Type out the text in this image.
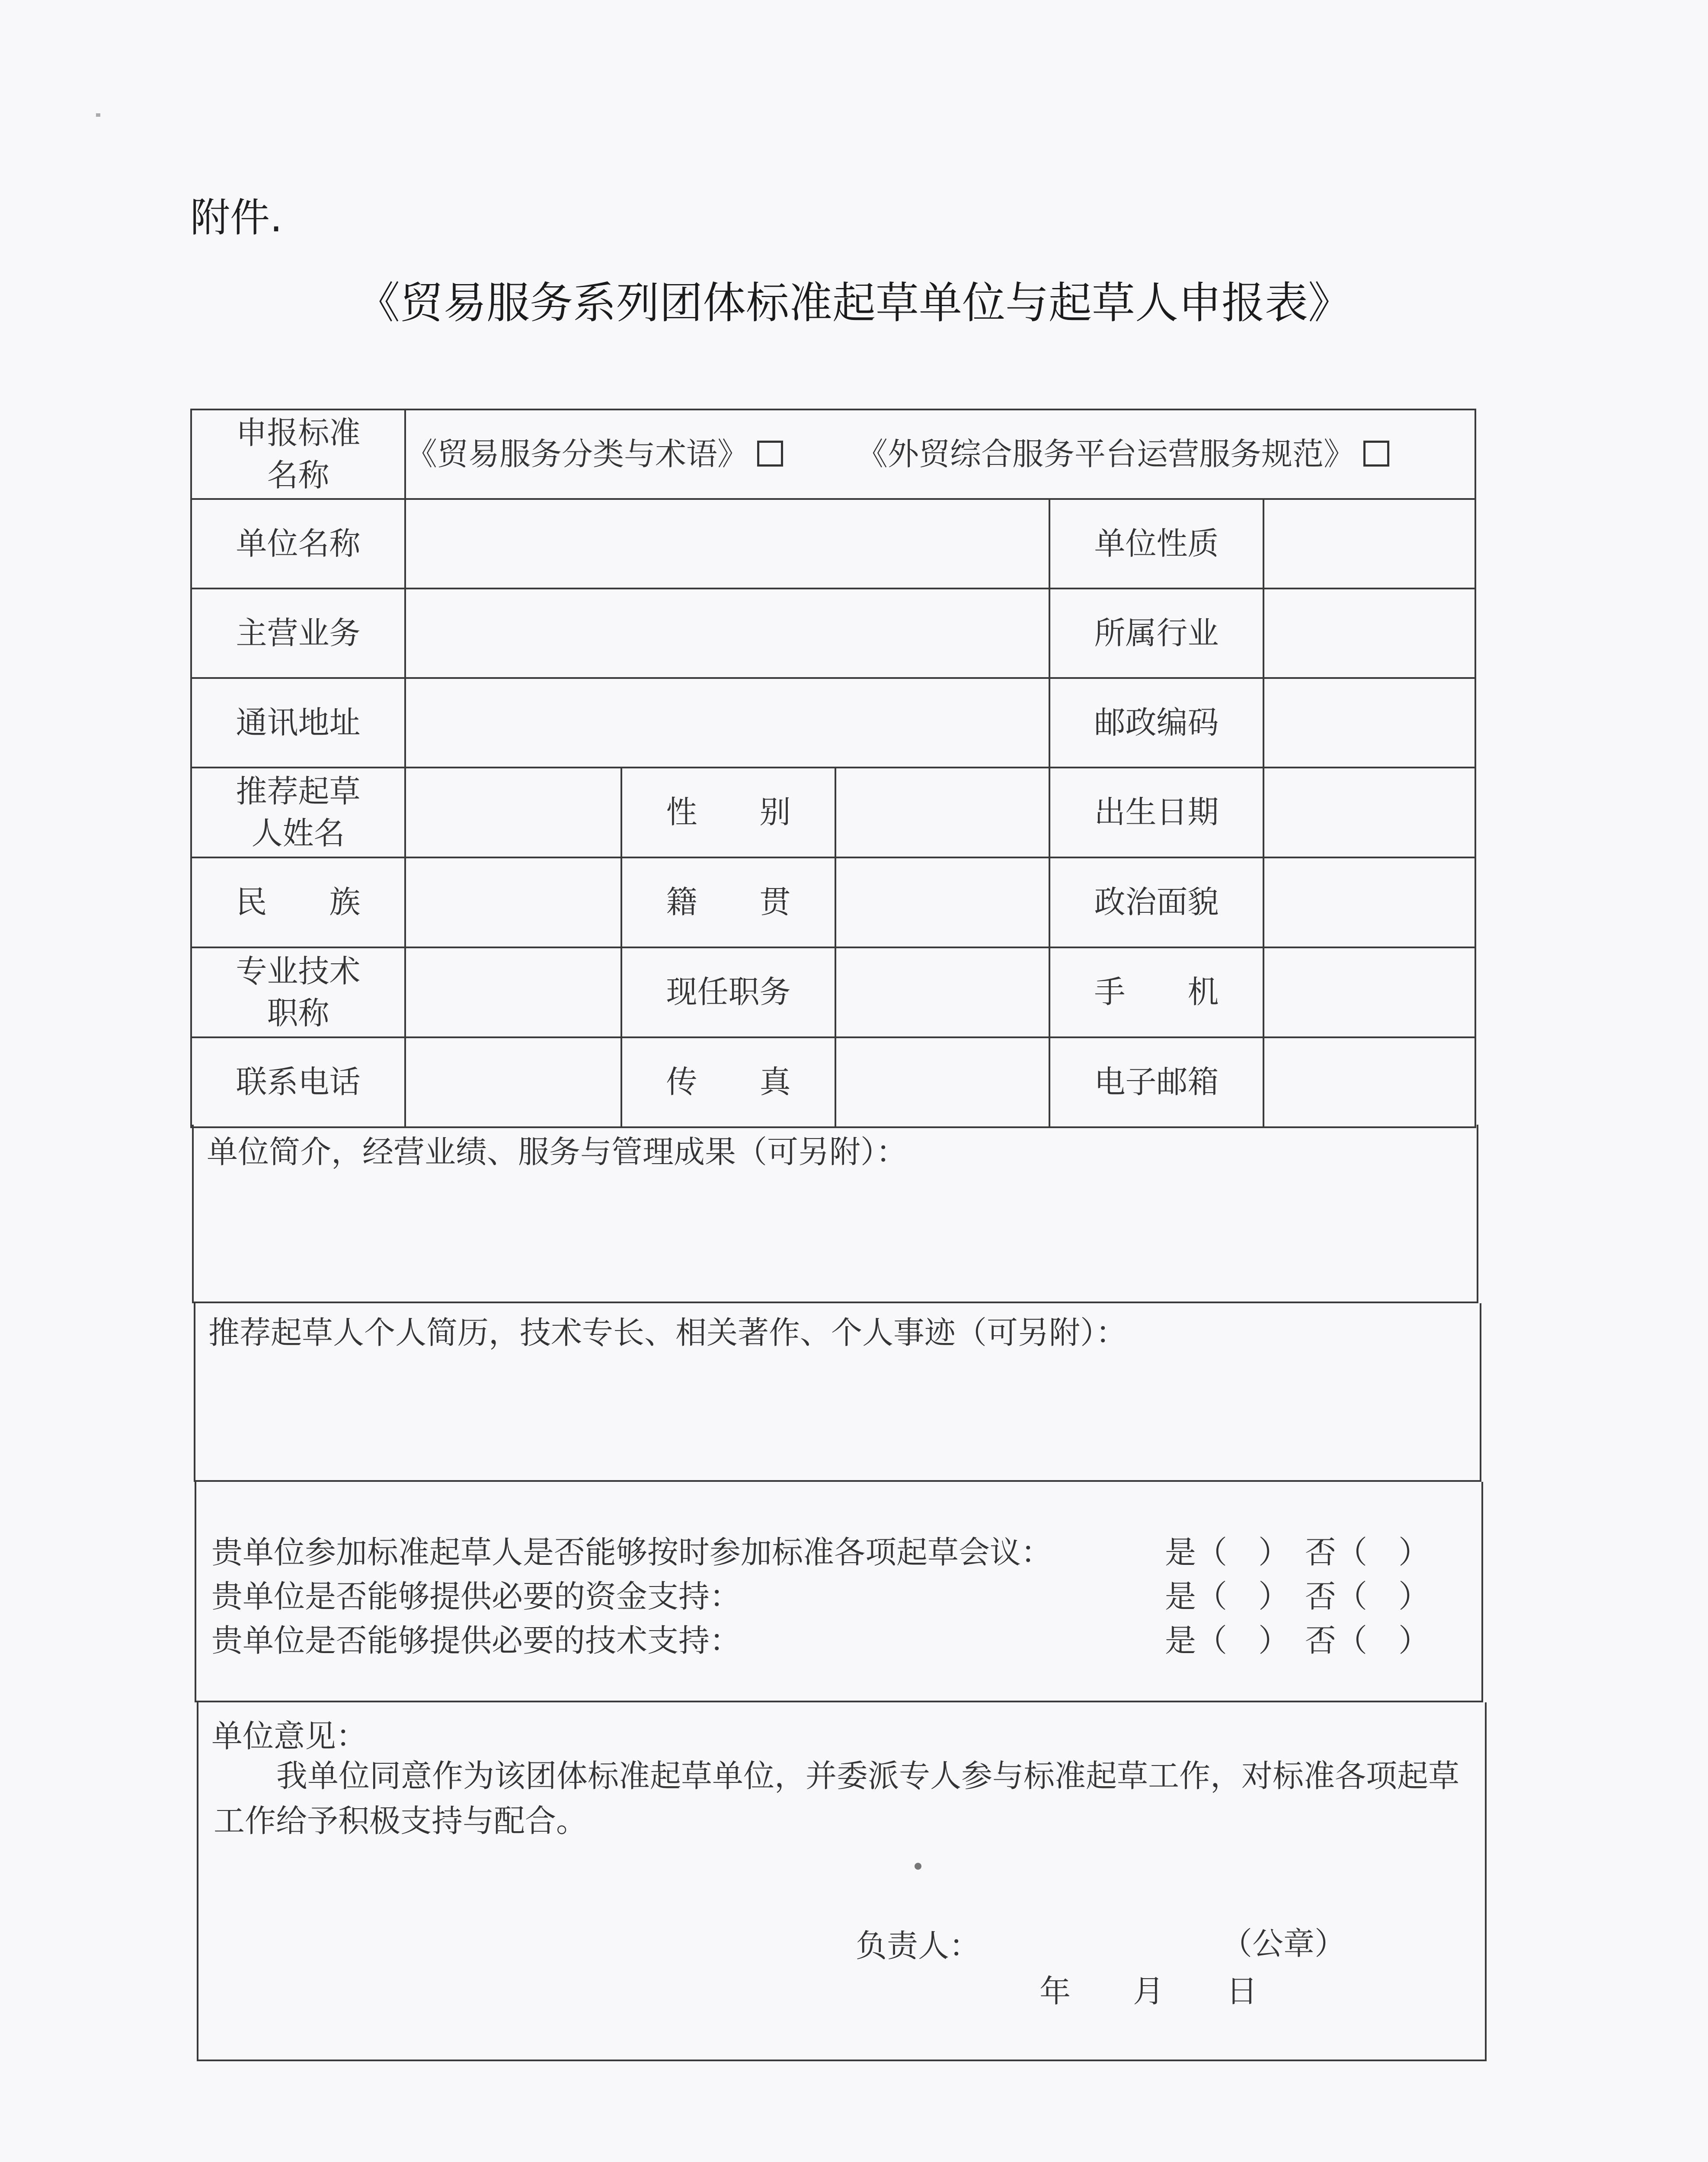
附件.
《贸易服务系列团体标准起草单位与起草人申报表》
申报标准名称	《贸易服务分类与术语》 《外贸综合服务平台运营服务规范》				
单位名称				单位性质	
主营业务				所属行业	
通讯地址				邮政编码	

推荐起草人姓名		性　　别		出生日期	
民　　族		籍　　贯		政治面貌	

专业技术职称		现任职务		手　　机	
联系电话		传　　真		电子邮箱	
单位简介，经营业绩、服务与管理成果（可另附）：
推荐起草人个人简历，技术专长、相关著作、个人事迹（可另附）：
贵单位参加标准起草人是否能够按时参加标准各项起草会议：	是（　）　否（　）
贵单位是否能够提供必要的资金支持：	是（　）　否（　）
贵单位是否能够提供必要的技术支持：	是（　）　否（　）
单位意见：
我单位同意作为该团体标准起草单位，并委派专人参与标准起草工作，对标准各项起草工作给予积极支持与配合。
负责人：	（公章）
年　　月　　日
